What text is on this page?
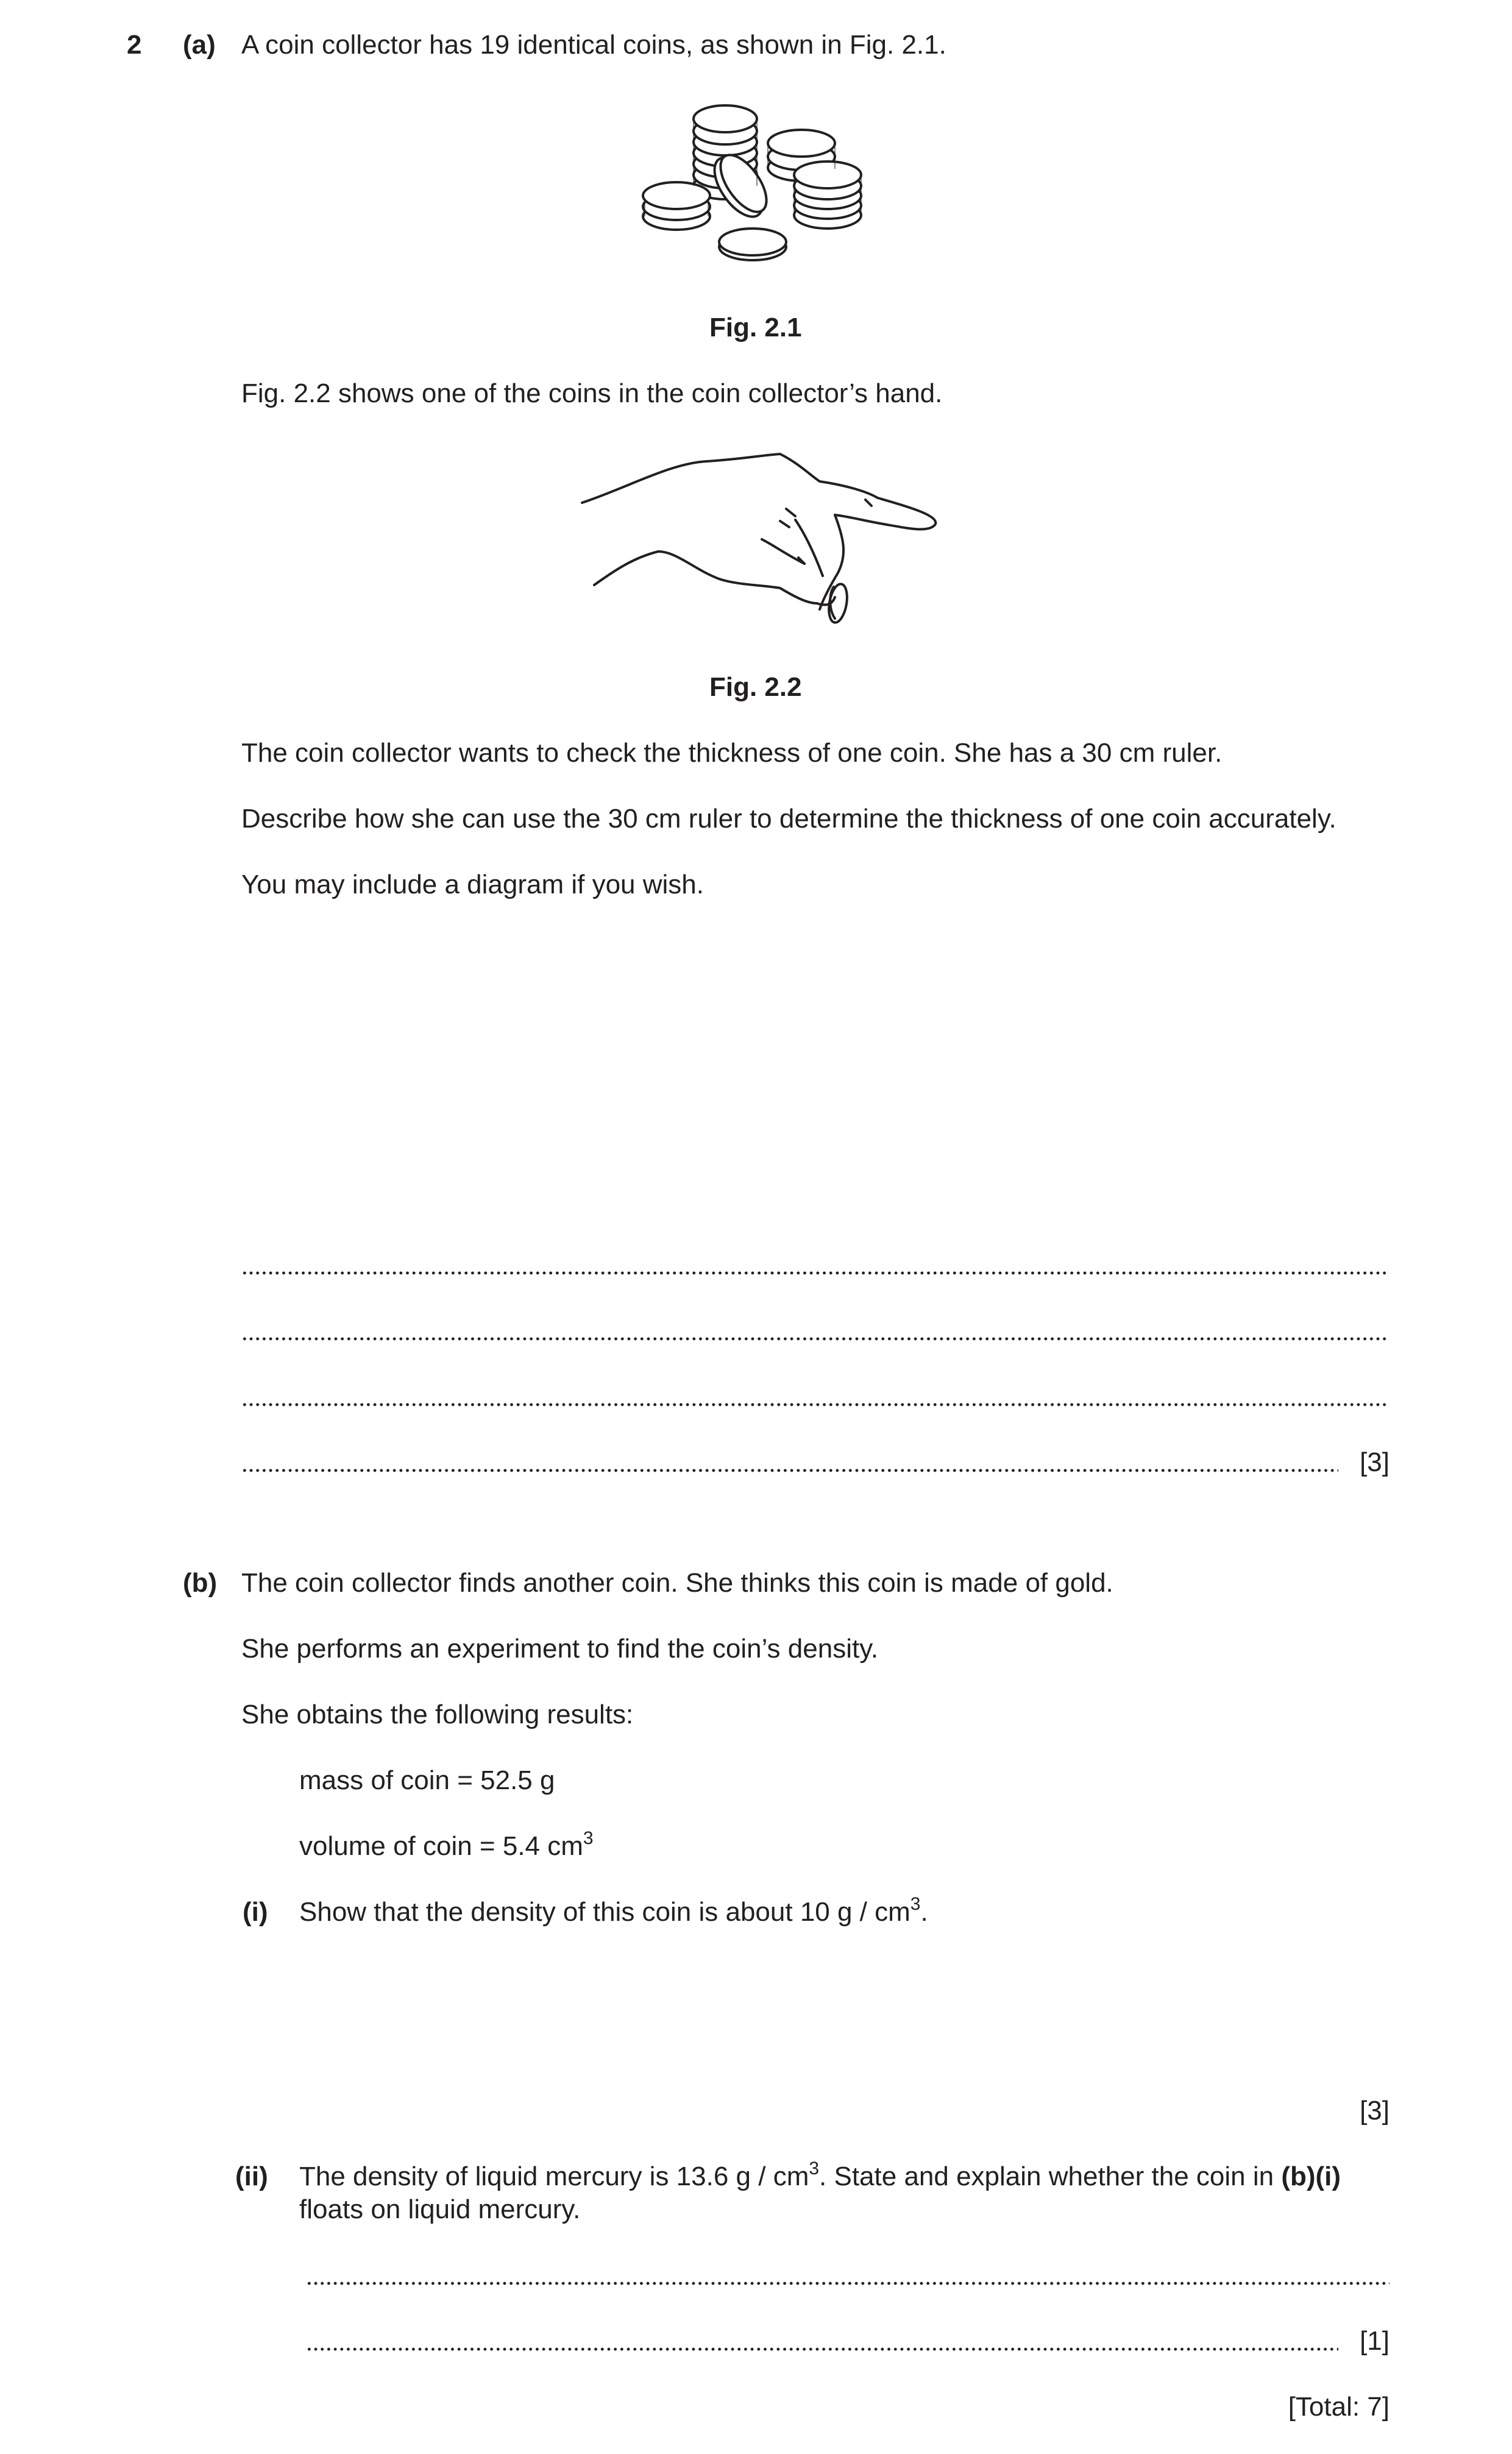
2 (a) A coin collector has 19 identical coins, as shown in Fig. 2.1.
Fig. 2.1
Fig. 2.2 shows one of the coins in the coin collector’s hand.
Fig. 2.2
The coin collector wants to check the thickness of one coin. She has a 30 cm ruler.
Describe how she can use the 30 cm ruler to determine the thickness of one coin accurately.
You may include a diagram if you wish.
[3]
(b) The coin collector finds another coin. She thinks this coin is made of gold.
She performs an experiment to find the coin’s density.
She obtains the following results:
mass of coin = 52.5 g
volume of coin = 5.4 $cm^3$
(i) Show that the density of this coin is about 10 g / $cm^3$.
[3]
(ii) The density of liquid mercury is 13.6 g / $cm^3$. State and explain whether the coin in (b)(i)
floats on liquid mercury.
[1]
[Total: 7]
